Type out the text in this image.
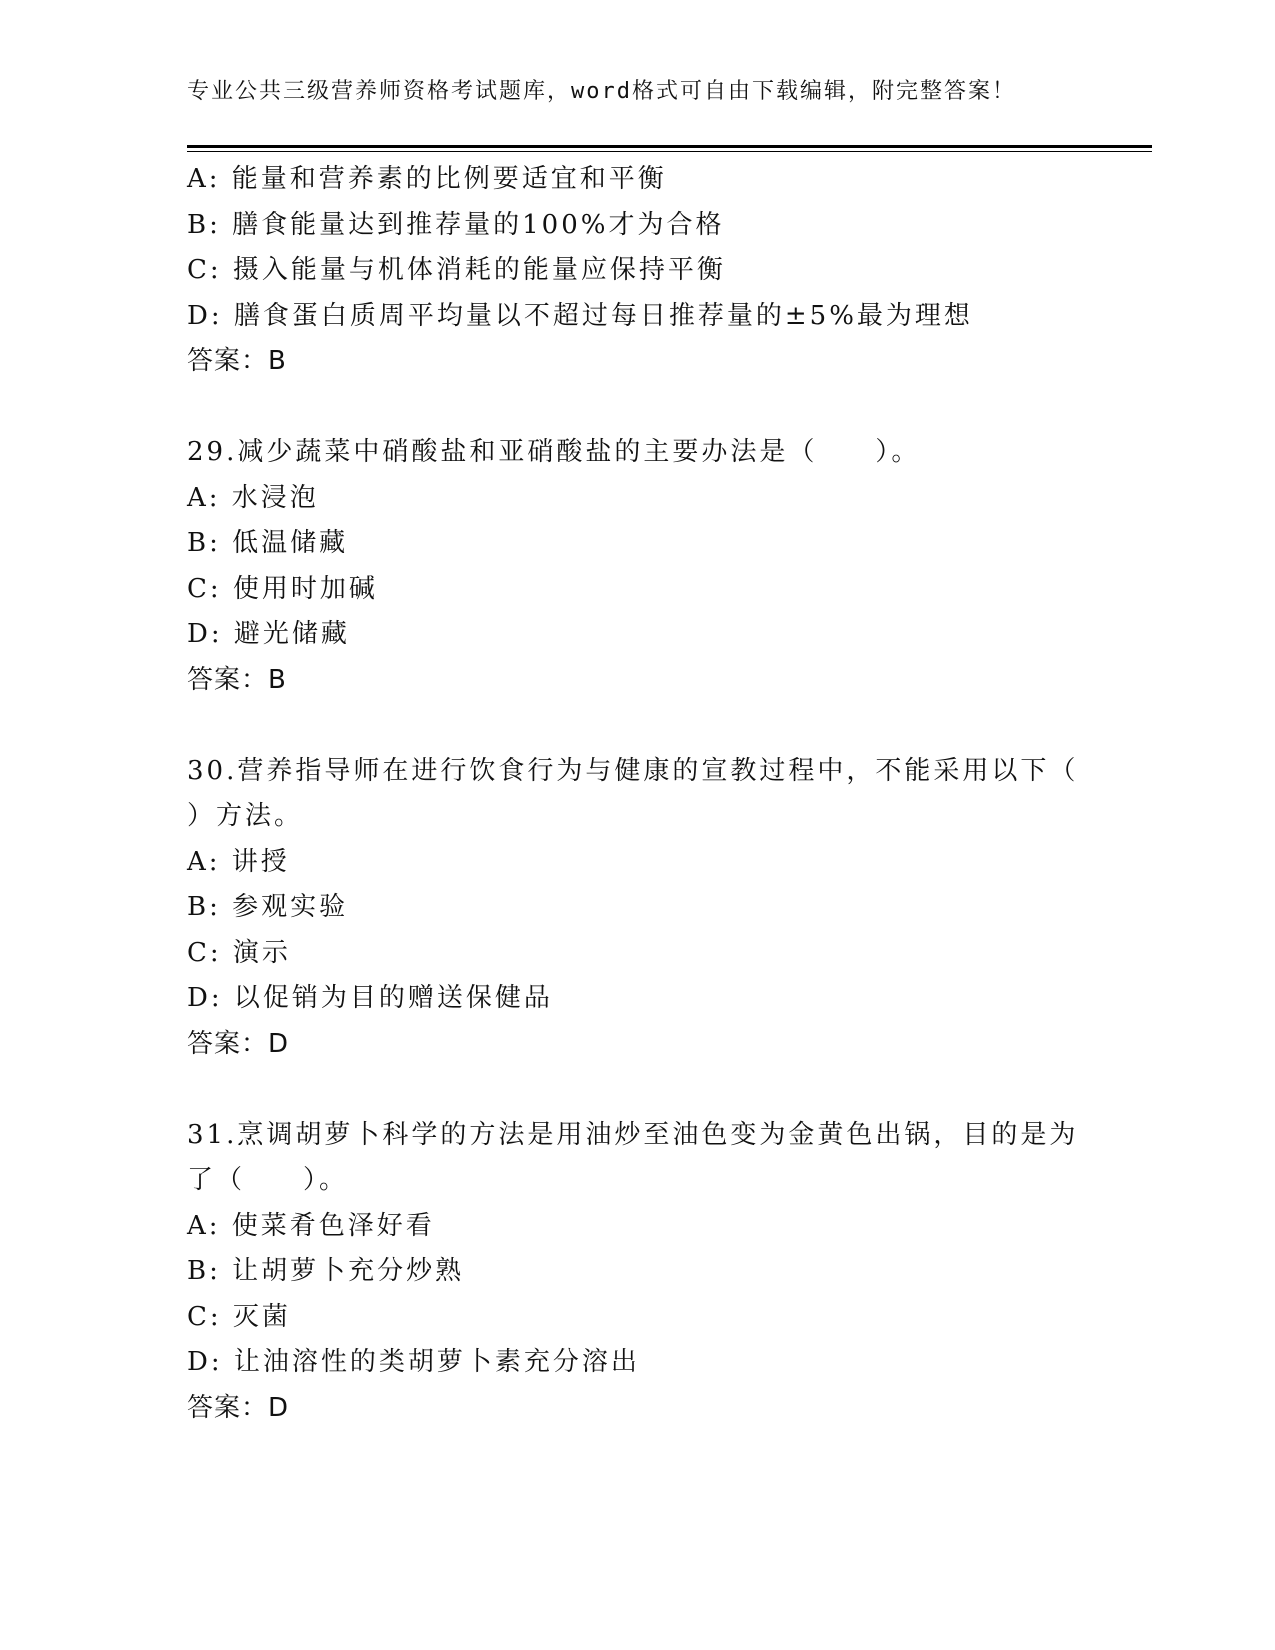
专业公共三级营养师资格考试题库，word格式可自由下载编辑，附完整答案！
A: 能量和营养素的比例要适宜和平衡
B: 膳食能量达到推荐量的100%才为合格
C: 摄入能量与机体消耗的能量应保持平衡
D: 膳食蛋白质周平均量以不超过每日推荐量的±5%最为理想
答案：B
29.减少蔬菜中硝酸盐和亚硝酸盐的主要办法是（　　）。
A: 水浸泡
B: 低温储藏
C: 使用时加碱
D: 避光储藏
答案：B
30.营养指导师在进行饮食行为与健康的宣教过程中，不能采用以下（
）方法。
A: 讲授
B: 参观实验
C: 演示
D: 以促销为目的赠送保健品
答案：D
31.烹调胡萝卜科学的方法是用油炒至油色变为金黄色出锅，目的是为
了（　　）。
A: 使菜肴色泽好看
B: 让胡萝卜充分炒熟
C: 灭菌
D: 让油溶性的类胡萝卜素充分溶出
答案：D
